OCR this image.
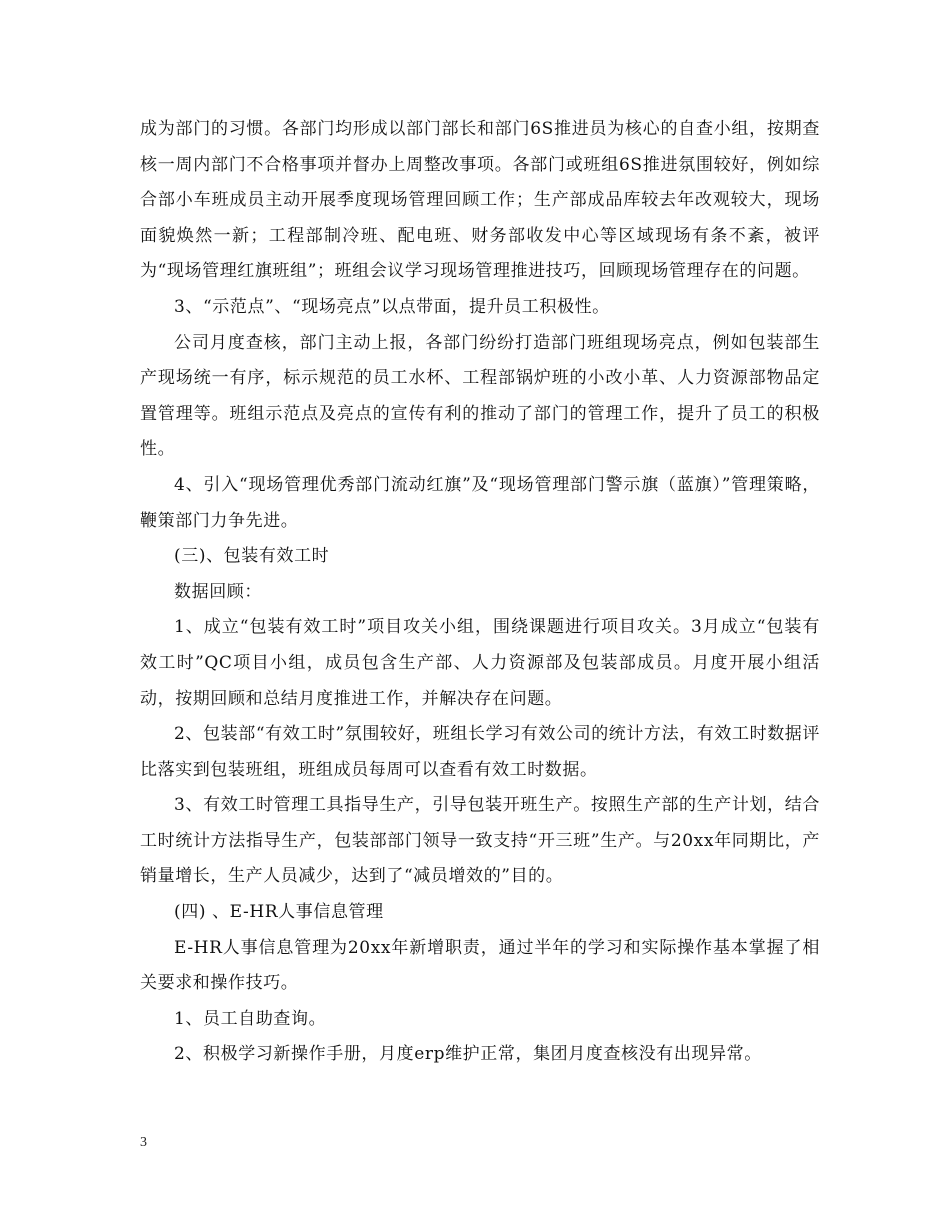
成为部门的习惯。各部门均形成以部门部长和部门6S推进员为核心的自查小组，按期查核一周内部门不合格事项并督办上周整改事项。各部门或班组6S推进氛围较好，例如综合部小车班成员主动开展季度现场管理回顾工作；生产部成品库较去年改观较大，现场面貌焕然一新；工程部制冷班、配电班、财务部收发中心等区域现场有条不紊，被评为“现场管理红旗班组”；班组会议学习现场管理推进技巧，回顾现场管理存在的问题。

3、“示范点”、“现场亮点”以点带面，提升员工积极性。

公司月度查核，部门主动上报，各部门纷纷打造部门班组现场亮点，例如包装部生产现场统一有序，标示规范的员工水杯、工程部锅炉班的小改小革、人力资源部物品定置管理等。班组示范点及亮点的宣传有利的推动了部门的管理工作，提升了员工的积极性。

4、引入“现场管理优秀部门流动红旗”及“现场管理部门警示旗（蓝旗）”管理策略，鞭策部门力争先进。

(三)、包装有效工时

数据回顾：

1、成立“包装有效工时”项目攻关小组，围绕课题进行项目攻关。3月成立“包装有效工时”QC项目小组，成员包含生产部、人力资源部及包装部成员。月度开展小组活动，按期回顾和总结月度推进工作，并解决存在问题。

2、包装部“有效工时”氛围较好，班组长学习有效公司的统计方法，有效工时数据评比落实到包装班组，班组成员每周可以查看有效工时数据。

3、有效工时管理工具指导生产，引导包装开班生产。按照生产部的生产计划，结合工时统计方法指导生产，包装部部门领导一致支持“开三班”生产。与20xx年同期比，产销量增长，生产人员减少，达到了“减员增效的”目的。

(四) 、E-HR人事信息管理

E-HR人事信息管理为20xx年新增职责，通过半年的学习和实际操作基本掌握了相关要求和操作技巧。

1、员工自助查询。

2、积极学习新操作手册，月度erp维护正常，集团月度查核没有出现异常。

3
